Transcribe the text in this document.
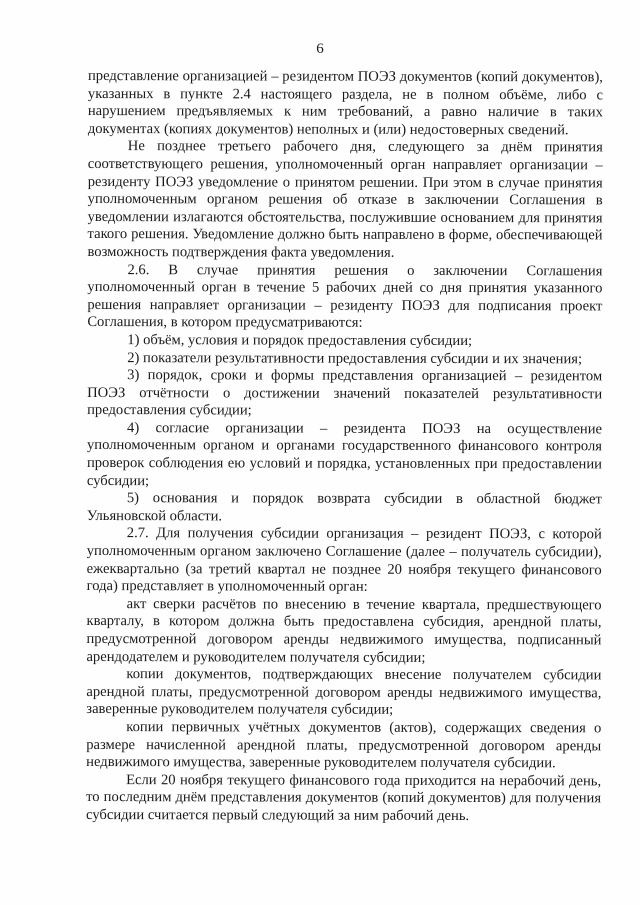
6

представление организацией – резидентом ПОЭЗ документов (копий документов), указанных в пункте 2.4 настоящего раздела, не в полном объёме, либо с нарушением предъявляемых к ним требований, а равно наличие в таких документах (копиях документов) неполных и (или) недостоверных сведений.

Не позднее третьего рабочего дня, следующего за днём принятия соответствующего решения, уполномоченный орган направляет организации – резиденту ПОЭЗ уведомление о принятом решении. При этом в случае принятия уполномоченным органом решения об отказе в заключении Соглашения в уведомлении излагаются обстоятельства, послужившие основанием для принятия такого решения. Уведомление должно быть направлено в форме, обеспечивающей возможность подтверждения факта уведомления.

2.6. В случае принятия решения о заключении Соглашения уполномоченный орган в течение 5 рабочих дней со дня принятия указанного решения направляет организации – резиденту ПОЭЗ для подписания проект Соглашения, в котором предусматриваются:

1) объём, условия и порядок предоставления субсидии;

2) показатели результативности предоставления субсидии и их значения;

3) порядок, сроки и формы представления организацией – резидентом ПОЭЗ отчётности о достижении значений показателей результативности предоставления субсидии;

4) согласие организации – резидента ПОЭЗ на осуществление уполномоченным органом и органами государственного финансового контроля проверок соблюдения ею условий и порядка, установленных при предоставлении субсидии;

5) основания и порядок возврата субсидии в областной бюджет Ульяновской области.

2.7. Для получения субсидии организация – резидент ПОЭЗ, с которой уполномоченным органом заключено Соглашение (далее – получатель субсидии), ежеквартально (за третий квартал не позднее 20 ноября текущего финансового года) представляет в уполномоченный орган:

акт сверки расчётов по внесению в течение квартала, предшествующего кварталу, в котором должна быть предоставлена субсидия, арендной платы, предусмотренной договором аренды недвижимого имущества, подписанный арендодателем и руководителем получателя субсидии;

копии документов, подтверждающих внесение получателем субсидии арендной платы, предусмотренной договором аренды недвижимого имущества, заверенные руководителем получателя субсидии;

копии первичных учётных документов (актов), содержащих сведения о размере начисленной арендной платы, предусмотренной договором аренды недвижимого имущества, заверенные руководителем получателя субсидии.

Если 20 ноября текущего финансового года приходится на нерабочий день, то последним днём представления документов (копий документов) для получения субсидии считается первый следующий за ним рабочий день.
